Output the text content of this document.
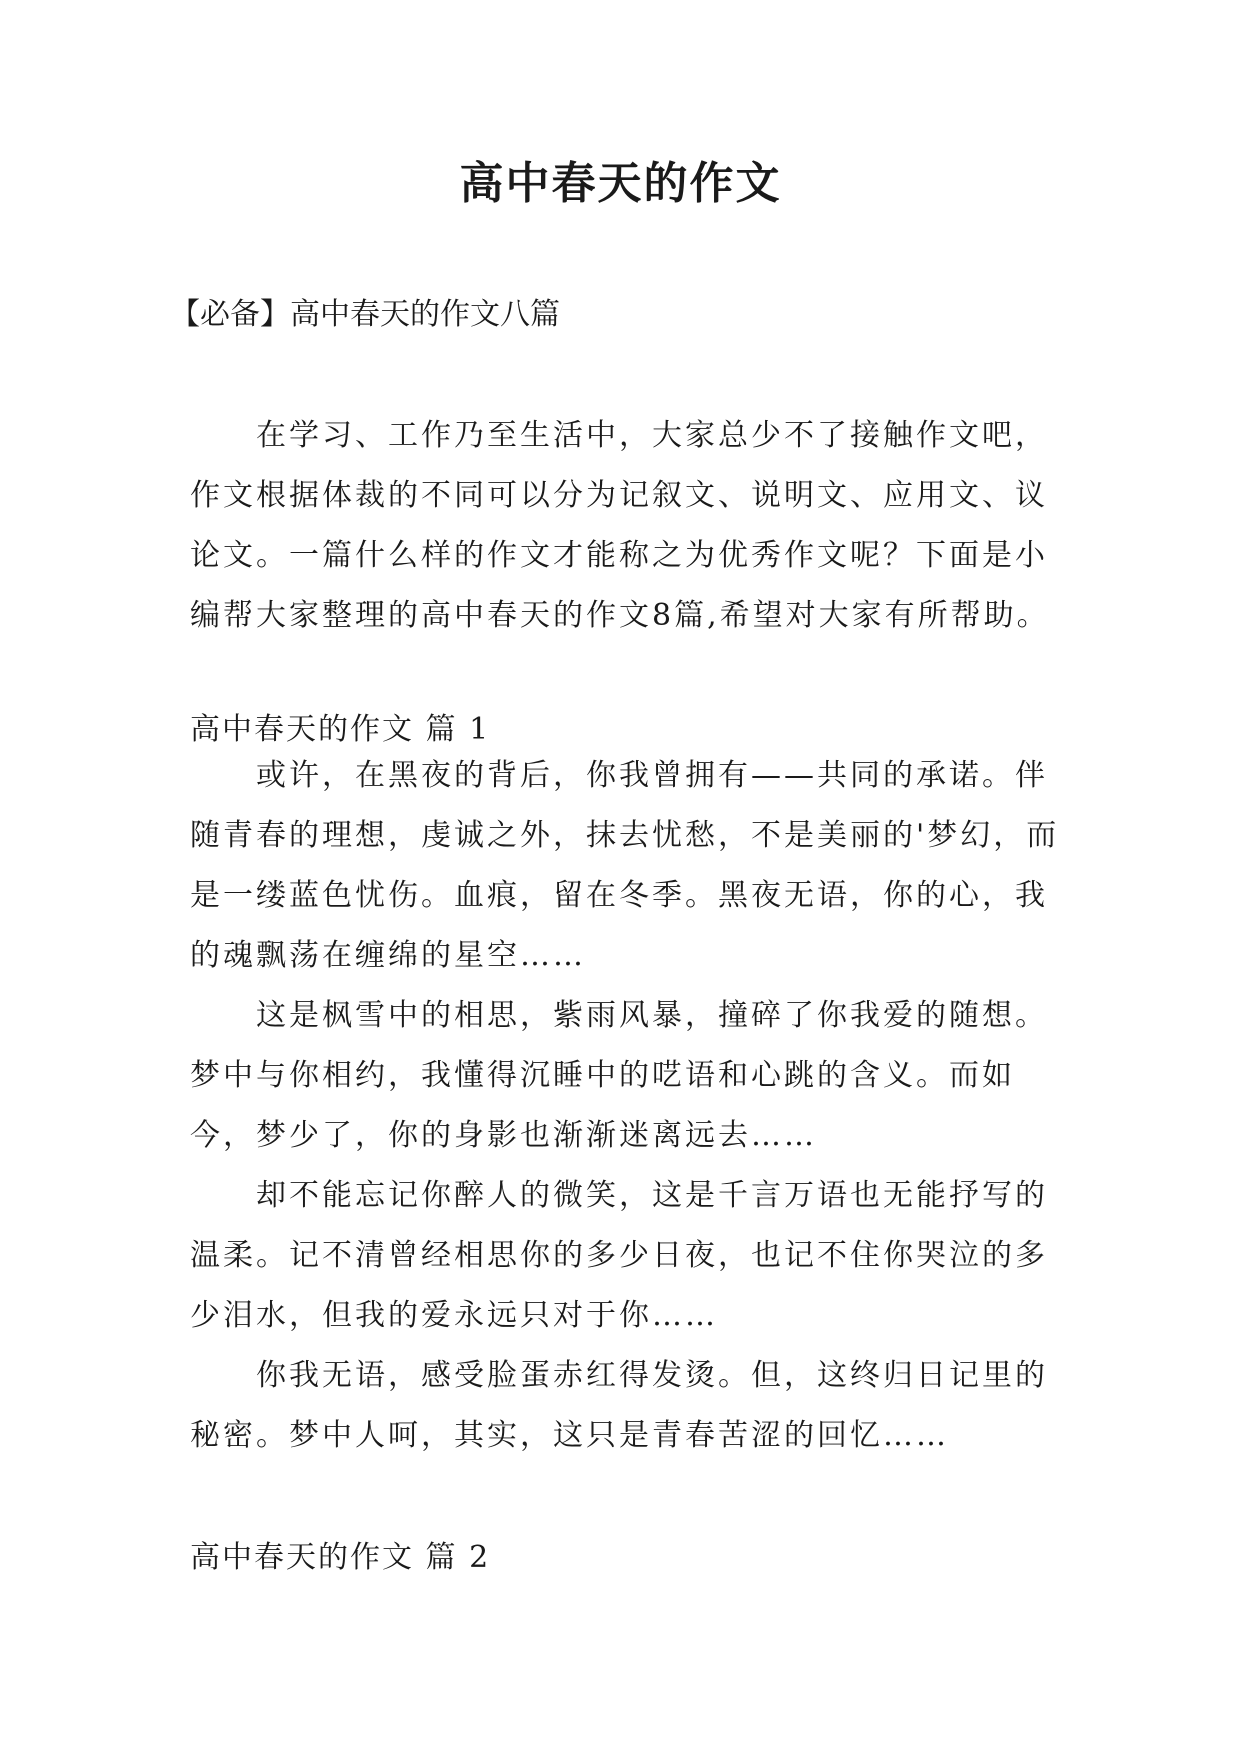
高中春天的作文
【必备】高中春天的作文八篇

在学习、工作乃至生活中，大家总少不了接触作文吧，作文根据体裁的不同可以分为记叙文、说明文、应用文、议论文。一篇什么样的作文才能称之为优秀作文呢？下面是小编帮大家整理的高中春天的作文8篇,希望对大家有所帮助。

高中春天的作文 篇 1

或许，在黑夜的背后，你我曾拥有——共同的承诺。伴随青春的理想，虔诚之外，抹去忧愁，不是美丽的'梦幻，而是一缕蓝色忧伤。血痕，留在冬季。黑夜无语，你的心，我的魂飘荡在缠绵的星空……

这是枫雪中的相思，紫雨风暴，撞碎了你我爱的随想。梦中与你相约，我懂得沉睡中的呓语和心跳的含义。而如今，梦少了，你的身影也渐渐迷离远去……

却不能忘记你醉人的微笑，这是千言万语也无能抒写的温柔。记不清曾经相思你的多少日夜，也记不住你哭泣的多少泪水，但我的爱永远只对于你……

你我无语，感受脸蛋赤红得发烫。但，这终归日记里的秘密。梦中人呵，其实，这只是青春苦涩的回忆……

高中春天的作文 篇 2
